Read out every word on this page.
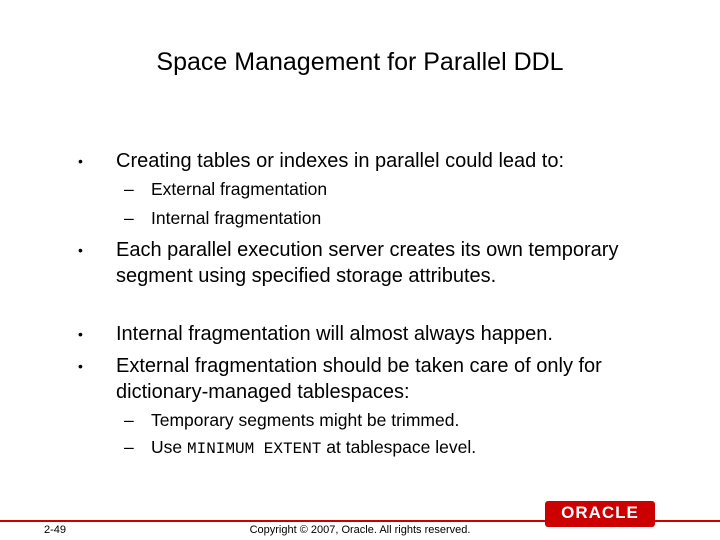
Space Management for Parallel DDL
• Creating tables or indexes in parallel could lead to:
– External fragmentation
– Internal fragmentation
• Each parallel execution server creates its own temporary segment using specified storage attributes.
• Internal fragmentation will almost always happen.
• External fragmentation should be taken care of only for dictionary-managed tablespaces:
– Temporary segments might be trimmed.
– Use MINIMUM EXTENT at tablespace level.
ORACLE
2-49	Copyright © 2007, Oracle. All rights reserved.
